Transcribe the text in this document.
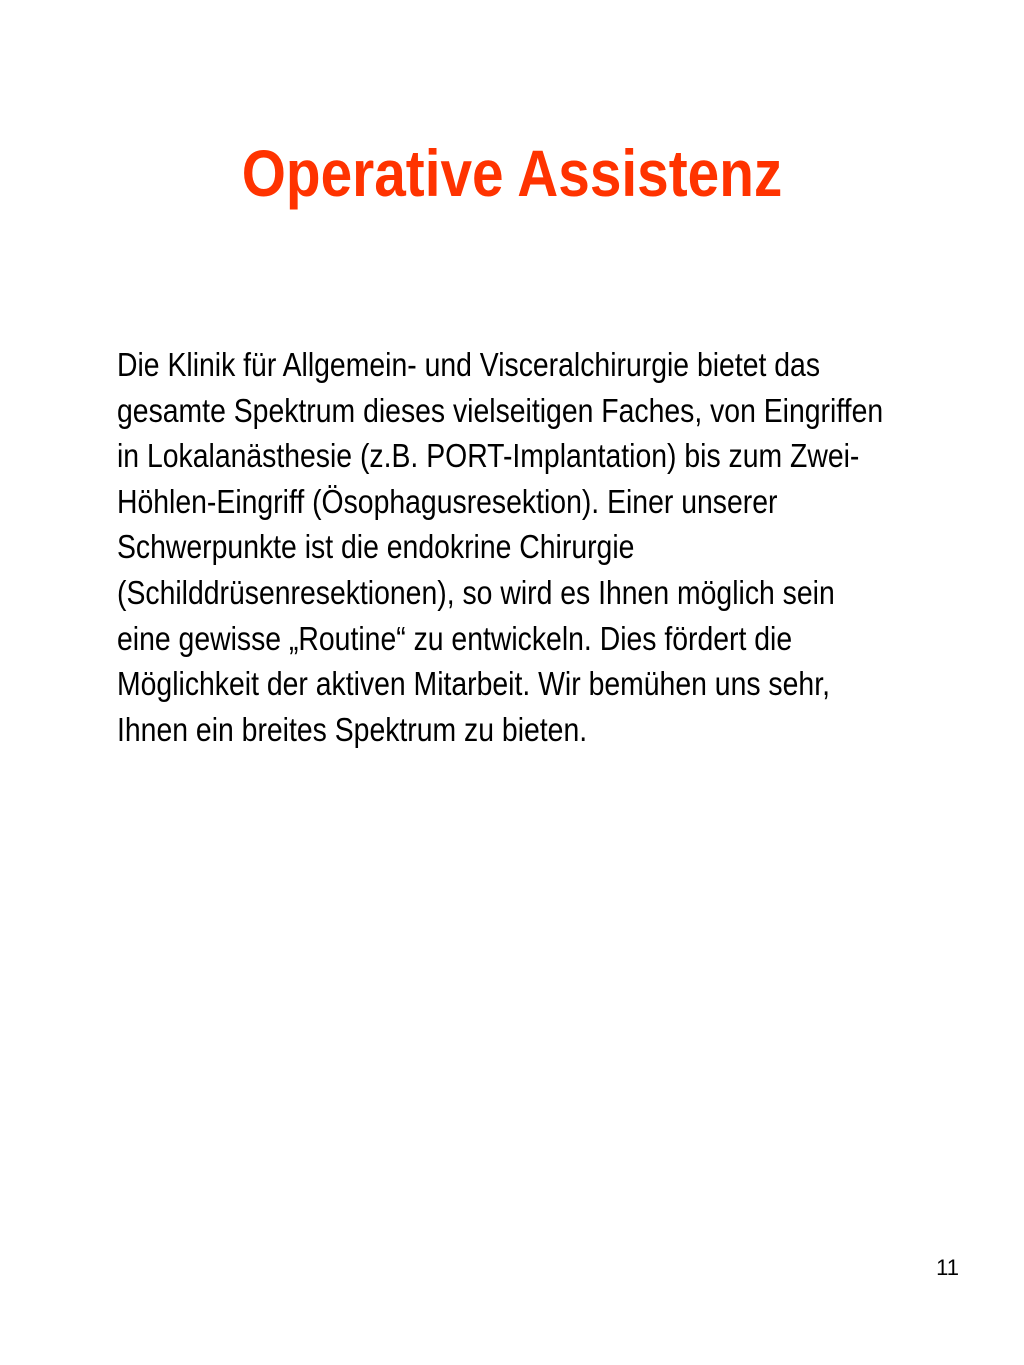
Operative Assistenz
Die Klinik für Allgemein- und Visceralchirurgie bietet das
gesamte Spektrum dieses vielseitigen Faches, von Eingriffen
in Lokalanästhesie (z.B. PORT-Implantation) bis zum Zwei-
Höhlen-Eingriff (Ösophagusresektion). Einer unserer
Schwerpunkte ist die endokrine Chirurgie
(Schilddrüsenresektionen), so wird es Ihnen möglich sein
eine gewisse „Routine“ zu entwickeln. Dies fördert die
Möglichkeit der aktiven Mitarbeit. Wir bemühen uns sehr,
Ihnen ein breites Spektrum zu bieten.
11
